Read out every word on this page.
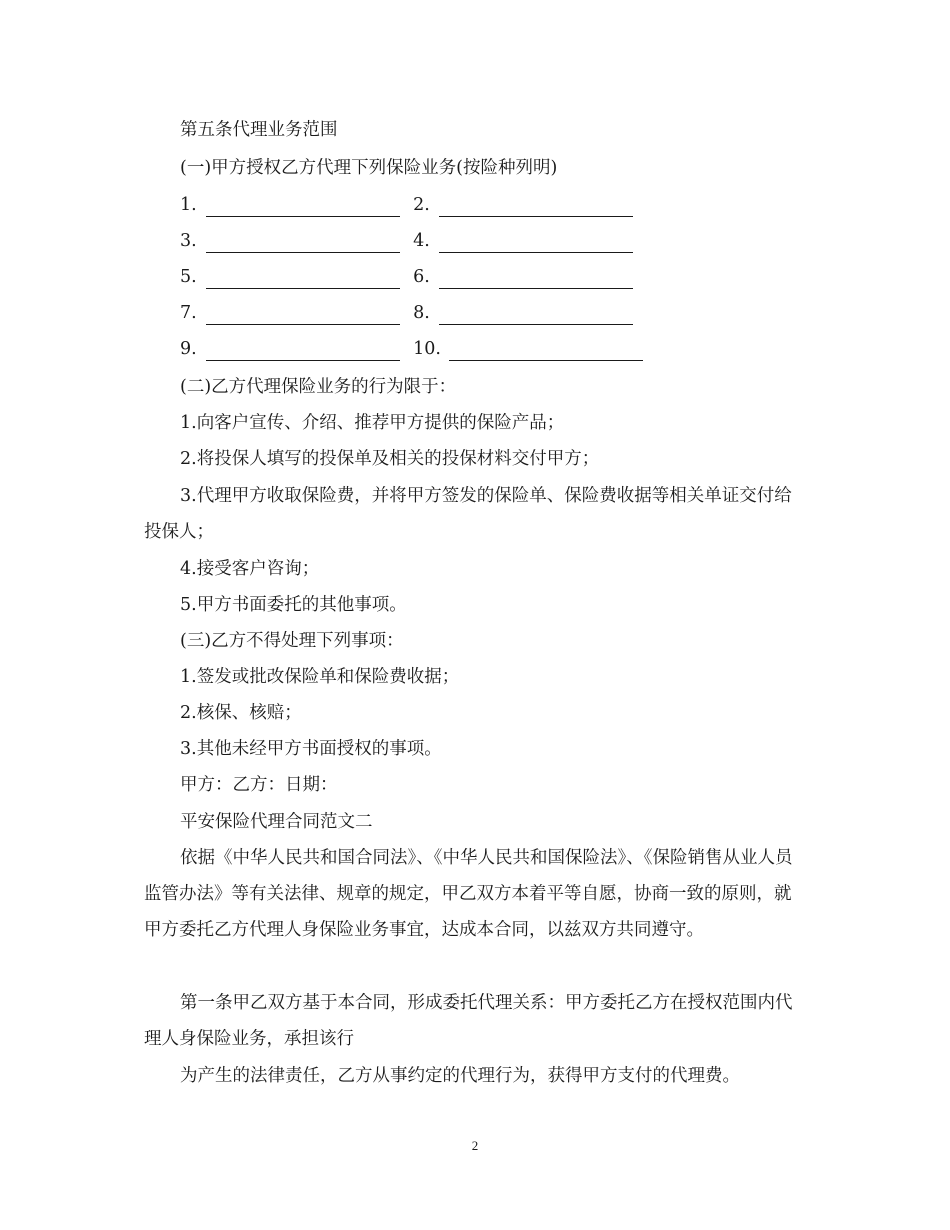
第五条代理业务范围
(一)甲方授权乙方代理下列保险业务(按险种列明)
1.	2.
3.	4.
5.	6.
7.	8.
9.	10.
(二)乙方代理保险业务的行为限于：
1.向客户宣传、介绍、推荐甲方提供的保险产品；
2.将投保人填写的投保单及相关的投保材料交付甲方；
3.代理甲方收取保险费，并将甲方签发的保险单、保险费收据等相关单证交付给投保人；
4.接受客户咨询；
5.甲方书面委托的其他事项。
(三)乙方不得处理下列事项：
1.签发或批改保险单和保险费收据；
2.核保、核赔；
3.其他未经甲方书面授权的事项。
甲方：乙方：日期：
平安保险代理合同范文二
依据《中华人民共和国合同法》、《中华人民共和国保险法》、《保险销售从业人员监管办法》等有关法律、规章的规定，甲乙双方本着平等自愿，协商一致的原则，就甲方委托乙方代理人身保险业务事宜，达成本合同，以兹双方共同遵守。
第一条甲乙双方基于本合同，形成委托代理关系：甲方委托乙方在授权范围内代理人身保险业务，承担该行
为产生的法律责任，乙方从事约定的代理行为，获得甲方支付的代理费。
2
